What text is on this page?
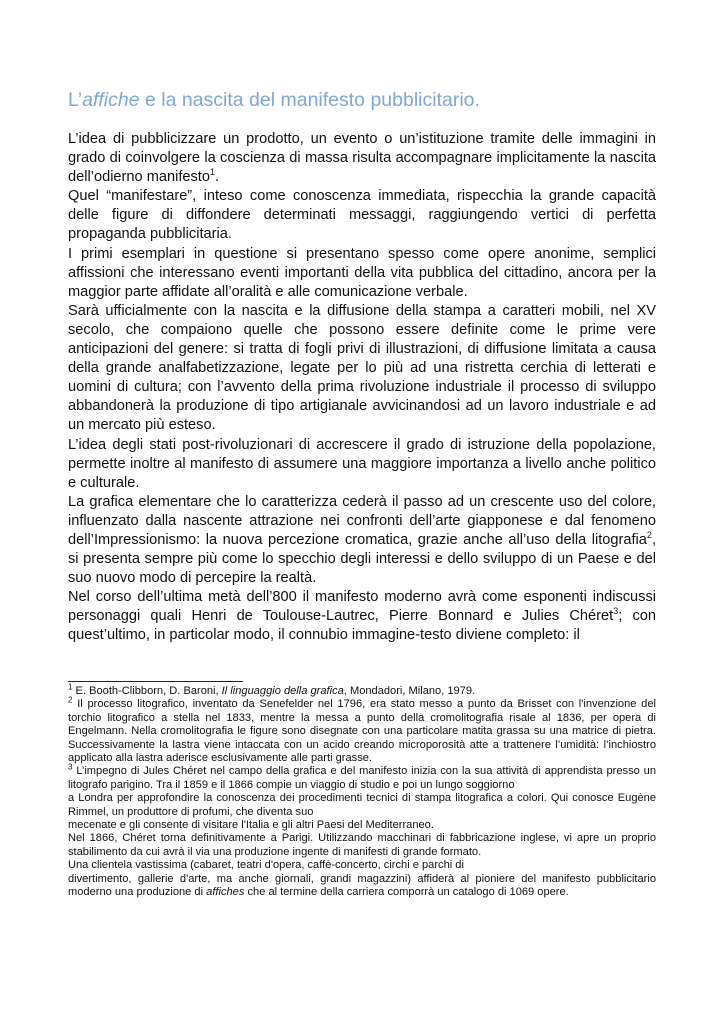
L’affiche e la nascita del manifesto pubblicitario.

L’idea di pubblicizzare un prodotto, un evento o un’istituzione tramite delle immagini in grado di coinvolgere la coscienza di massa risulta accompagnare implicitamente la nascita dell’odierno manifesto$^1$.

Quel “manifestare”, inteso come conoscenza immediata, rispecchia la grande capacità delle figure di diffondere determinati messaggi, raggiungendo vertici di perfetta propaganda pubblicitaria.

I primi esemplari in questione si presentano spesso come opere anonime, semplici affissioni che interessano eventi importanti della vita pubblica del cittadino, ancora per la maggior parte affidate all’oralità e alle comunicazione verbale.

Sarà ufficialmente con la nascita e la diffusione della stampa a caratteri mobili, nel XV secolo, che compaiono quelle che possono essere definite come le prime vere anticipazioni del genere: si tratta di fogli privi di illustrazioni, di diffusione limitata a causa della grande analfabetizzazione, legate per lo più ad una ristretta cerchia di letterati e uomini di cultura; con l’avvento della prima rivoluzione industriale il processo di sviluppo abbandonerà la produzione di tipo artigianale avvicinandosi ad un lavoro industriale e ad un mercato più esteso.

L’idea degli stati post-rivoluzionari di accrescere il grado di istruzione della popolazione, permette inoltre al manifesto di assumere una maggiore importanza a livello anche politico e culturale.

La grafica elementare che lo caratterizza cederà il passo ad un crescente uso del colore, influenzato dalla nascente attrazione nei confronti dell’arte giapponese e dal fenomeno dell’Impressionismo: la nuova percezione cromatica, grazie anche all’uso della litografia$^2$, si presenta sempre più come lo specchio degli interessi e dello sviluppo di un Paese e del suo nuovo modo di percepire la realtà.

Nel corso dell’ultima metà dell’800 il manifesto moderno avrà come esponenti indiscussi personaggi quali Henri de Toulouse-Lautrec, Pierre Bonnard e Julies Chéret$^3$; con quest’ultimo, in particolar modo, il connubio immagine-testo diviene completo: il

$^1$ E. Booth-Clibborn, D. Baroni, Il linguaggio della grafica, Mondadori, Milano, 1979.

$^2$ Il processo litografico, inventato da Senefelder nel 1796, era stato messo a punto da Brisset con l'invenzione del torchio litografico a stella nel 1833, mentre la messa a punto della cromolitografia risale al 1836, per opera di Engelmann. Nella cromolitografia le figure sono disegnate con una particolare matita grassa su una matrice di pietra. Successivamente la lastra viene intaccata con un acido creando microporosità atte a trattenere l’umidità: l’inchiostro applicato alla lastra aderisce esclusivamente alle parti grasse.

$^3$ L’impegno di Jules Chéret nel campo della grafica e del manifesto inizia con la sua attività di apprendista presso un litografo parigino. Tra il 1859 e il 1866 compie un viaggio di studio e poi un lungo soggiorno

a Londra per approfondire la conoscenza dei procedimenti tecnici di stampa litografica a colori. Qui conosce Eugène Rimmel, un produttore di profumi, che diventa suo

mecenate e gli consente di visitare l'Italia e gli altri Paesi del Mediterraneo.

Nel 1866, Chéret torna definitivamente a Parigi. Utilizzando macchinari di fabbricazione inglese, vi apre un proprio stabilimento da cui avrà il via una produzione ingente di manifesti di grande formato.

Una clientela vastissima (cabaret, teatri d'opera, caffè-concerto, circhi e parchi di

divertimento, gallerie d'arte, ma anche giornali, grandi magazzini) affiderà al pioniere del manifesto pubblicitario moderno una produzione di affiches che al termine della carriera comporrà un catalogo di 1069 opere.
